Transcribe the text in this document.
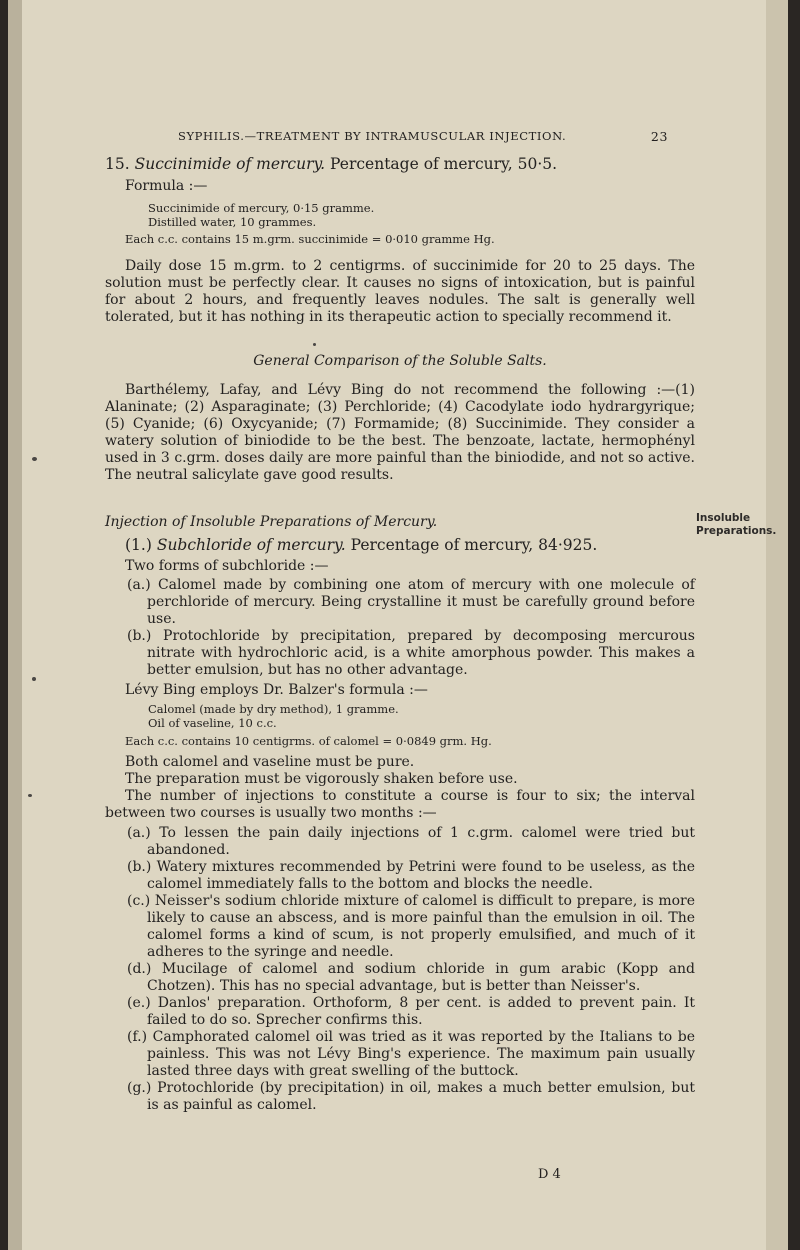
SYPHILIS.—TREATMENT BY INTRAMUSCULAR INJECTION.	23
Insoluble Preparations.

15. Succinimide of mercury. Percentage of mercury, 50·5.

Formula :—

Succinimide of mercury, 0·15 gramme.

Distilled water, 10 grammes.

Each c.c. contains 15 m.grm. succinimide = 0·010 gramme Hg.

Daily dose 15 m.grm. to 2 centigrms. of succinimide for 20 to 25 days. The solution must be perfectly clear. It causes no signs of intoxication, but is painful for about 2 hours, and frequently leaves nodules. The salt is generally well tolerated, but it has nothing in its therapeutic action to specially recommend it.

General Comparison of the Soluble Salts.

Barthélemy, Lafay, and Lévy Bing do not recommend the following :—(1) Alaninate; (2) Asparaginate; (3) Perchloride; (4) Cacodylate iodo hydrargyrique; (5) Cyanide; (6) Oxycyanide; (7) Formamide; (8) Succinimide. They consider a watery solution of biniodide to be the best. The benzoate, lactate, hermophényl used in 3 c.grm. doses daily are more painful than the biniodide, and not so active. The neutral salicylate gave good results.

Injection of Insoluble Preparations of Mercury.

(1.) Subchloride of mercury. Percentage of mercury, 84·925.

Two forms of subchloride :—

(a.) Calomel made by combining one atom of mercury with one molecule of perchloride of mercury. Being crystalline it must be carefully ground before use.

(b.) Protochloride by precipitation, prepared by decomposing mercurous nitrate with hydrochloric acid, is a white amorphous powder. This makes a better emulsion, but has no other advantage.

Lévy Bing employs Dr. Balzer's formula :—

Calomel (made by dry method), 1 gramme.

Oil of vaseline, 10 c.c.

Each c.c. contains 10 centigrms. of calomel = 0·0849 grm. Hg.

Both calomel and vaseline must be pure.

The preparation must be vigorously shaken before use.

The number of injections to constitute a course is four to six; the interval between two courses is usually two months :—

(a.) To lessen the pain daily injections of 1 c.grm. calomel were tried but abandoned.

(b.) Watery mixtures recommended by Petrini were found to be useless, as the calomel immediately falls to the bottom and blocks the needle.

(c.) Neisser's sodium chloride mixture of calomel is difficult to prepare, is more likely to cause an abscess, and is more painful than the emulsion in oil. The calomel forms a kind of scum, is not properly emulsified, and much of it adheres to the syringe and needle.

(d.) Mucilage of calomel and sodium chloride in gum arabic (Kopp and Chotzen). This has no special advantage, but is better than Neisser's.

(e.) Danlos' preparation. Orthoform, 8 per cent. is added to prevent pain. It failed to do so. Sprecher confirms this.

(f.) Camphorated calomel oil was tried as it was reported by the Italians to be painless. This was not Lévy Bing's experience. The maximum pain usually lasted three days with great swelling of the buttock.

(g.) Protochloride (by precipitation) in oil, makes a much better emulsion, but is as painful as calomel.

D 4
